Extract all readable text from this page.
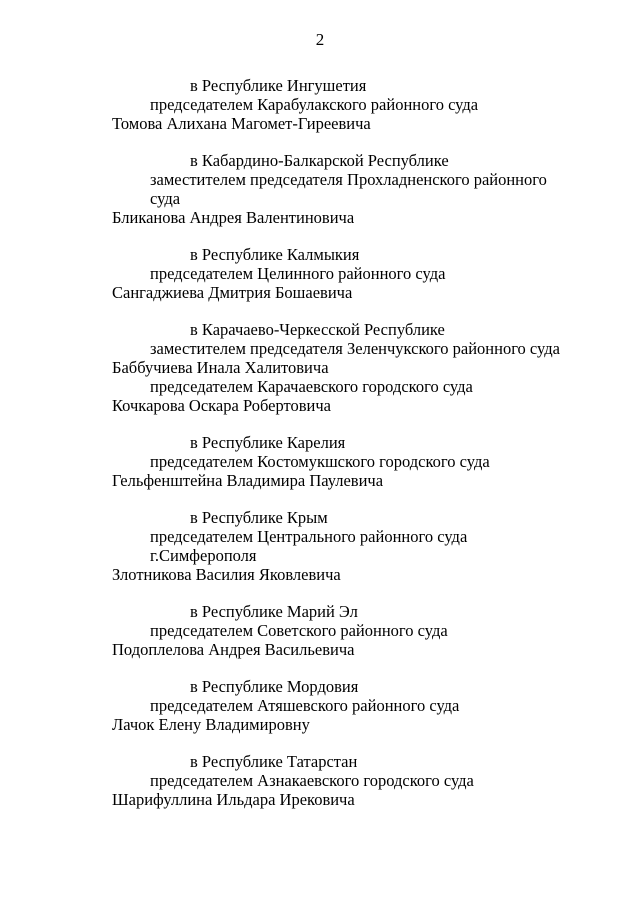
2
в Республике Ингушетия
председателем Карабулакского районного суда
Томова Алихана Магомет-Гиреевича
в Кабардино-Балкарской Республике
заместителем председателя Прохладненского районного
суда
Бликанова Андрея Валентиновича
в Республике Калмыкия
председателем Целинного районного суда
Сангаджиева Дмитрия Бошаевича
в Карачаево-Черкесской Республике
заместителем председателя Зеленчукского районного суда
Баббучиева Инала Халитовича
председателем Карачаевского городского суда
Кочкарова Оскара Робертовича
в Республике Карелия
председателем Костомукшского городского суда
Гельфенштейна Владимира Паулевича
в Республике Крым
председателем Центрального районного суда
г.Симферополя
Злотникова Василия Яковлевича
в Республике Марий Эл
председателем Советского районного суда
Подоплелова Андрея Васильевича
в Республике Мордовия
председателем Атяшевского районного суда
Лачок Елену Владимировну
в Республике Татарстан
председателем Азнакаевского городского суда
Шарифуллина Ильдара Ирековича
